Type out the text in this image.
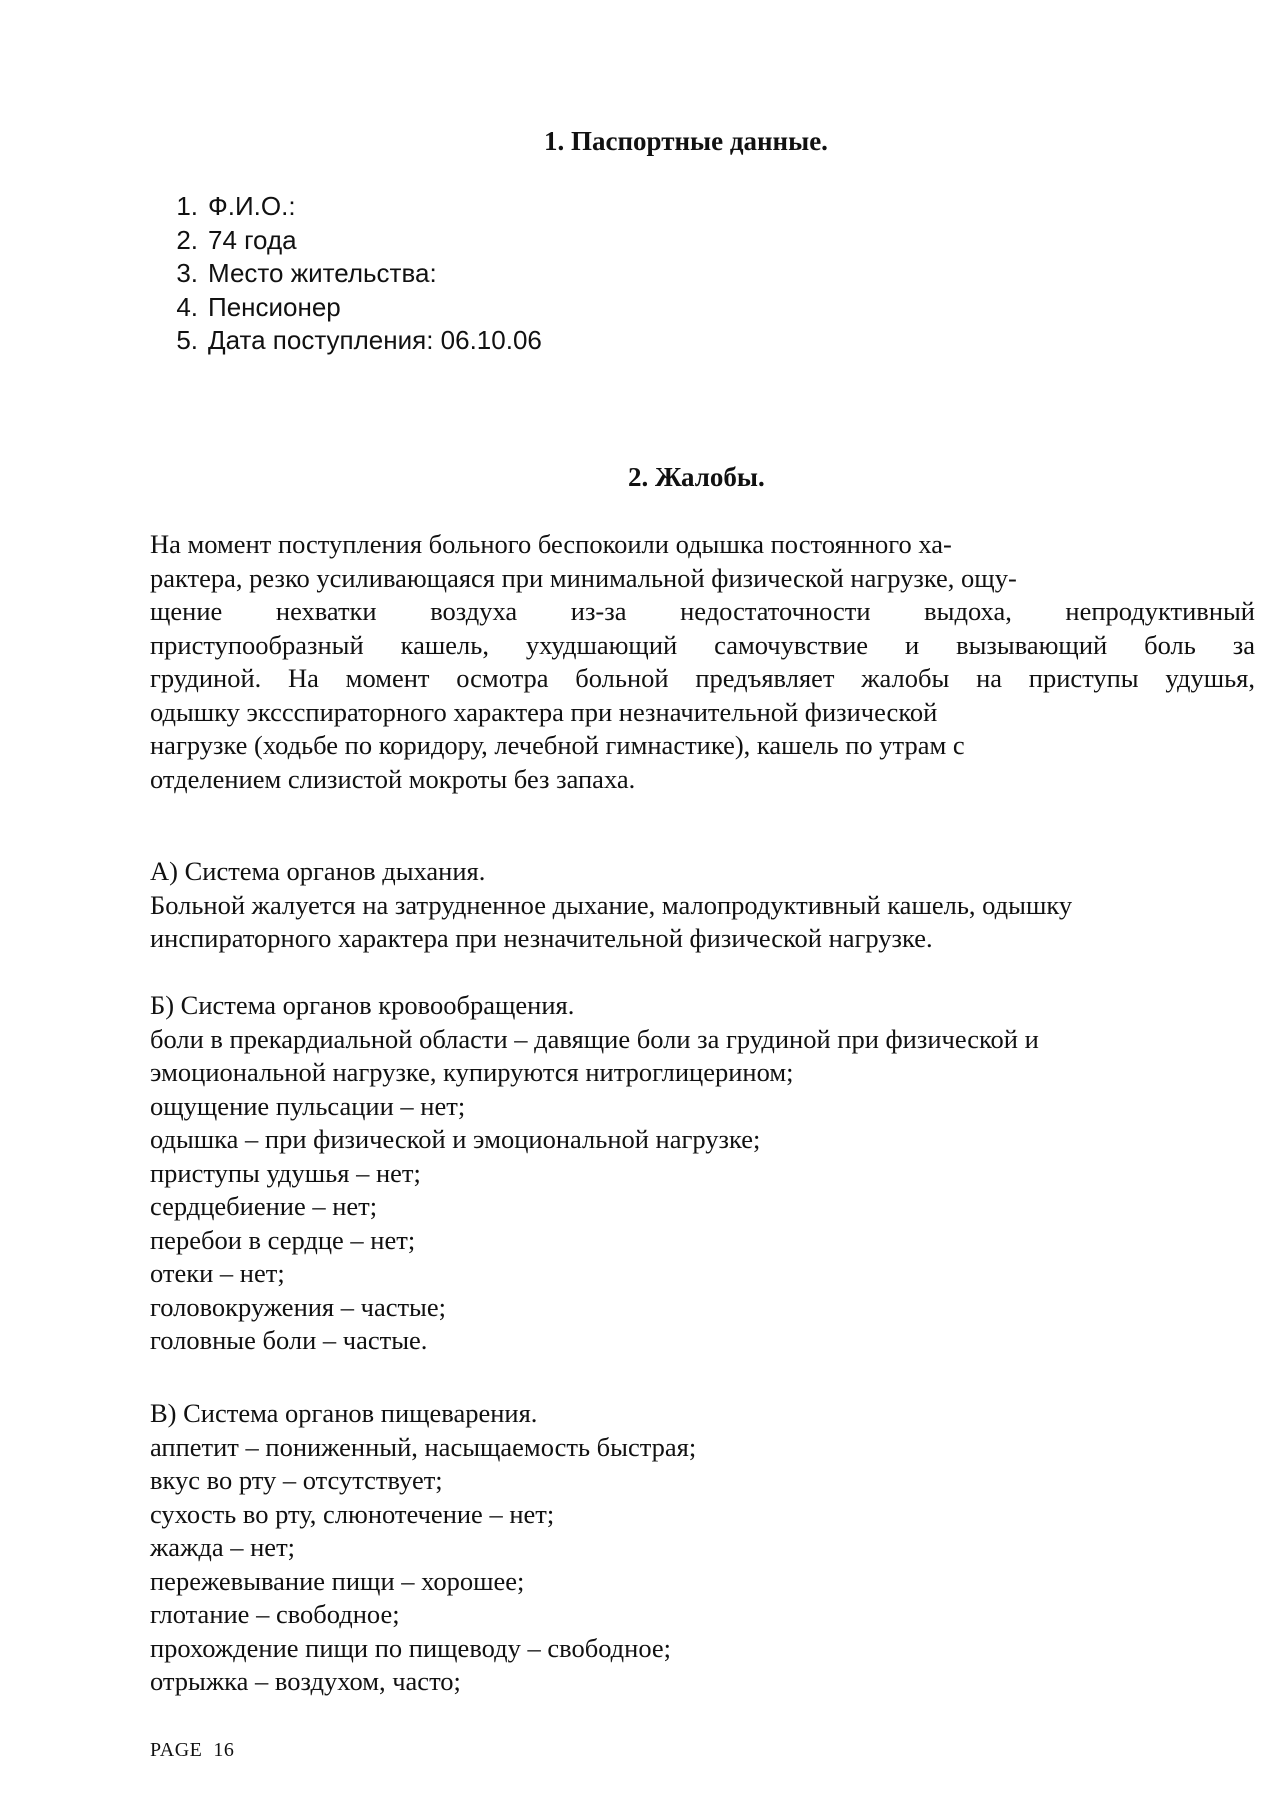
1. Паспортные данные.
1. Ф.И.О.:
2. 74 года
3. Место жительства:
4. Пенсионер
5. Дата поступления: 06.10.06
2. Жалобы.
На момент поступления больного беспокоили одышка постоянного ха-
рактера, резко усиливающаяся при минимальной физической нагрузке, ощу-
щение нехватки воздуха из-за недостаточности выдоха, непродуктивный
приступообразный кашель, ухудшающий самочувствие и вызывающий боль за
грудиной. На момент осмотра больной предъявляет жалобы на приступы удушья,
одышку экссспираторного характера при незначительной физической
нагрузке (ходьбе по коридору, лечебной гимнастике), кашель по утрам с
отделением слизистой мокроты без запаха.
А) Система органов дыхания.
Больной жалуется на затрудненное дыхание, малопродуктивный кашель, одышку
инспираторного характера при незначительной физической нагрузке.
Б) Система органов кровообращения.
боли в прекардиальной области – давящие боли за грудиной при физической и
эмоциональной нагрузке, купируются нитроглицерином;
ощущение пульсации – нет;
одышка – при физической и эмоциональной нагрузке;
приступы удушья – нет;
сердцебиение – нет;
перебои в сердце – нет;
отеки – нет;
головокружения – частые;
головные боли – частые.
В) Система органов пищеварения.
аппетит – пониженный, насыщаемость быстрая;
вкус во рту – отсутствует;
сухость во рту, слюнотечение – нет;
жажда – нет;
пережевывание пищи – хорошее;
глотание – свободное;
прохождение пищи по пищеводу – свободное;
отрыжка – воздухом, часто;
PAGE 16
